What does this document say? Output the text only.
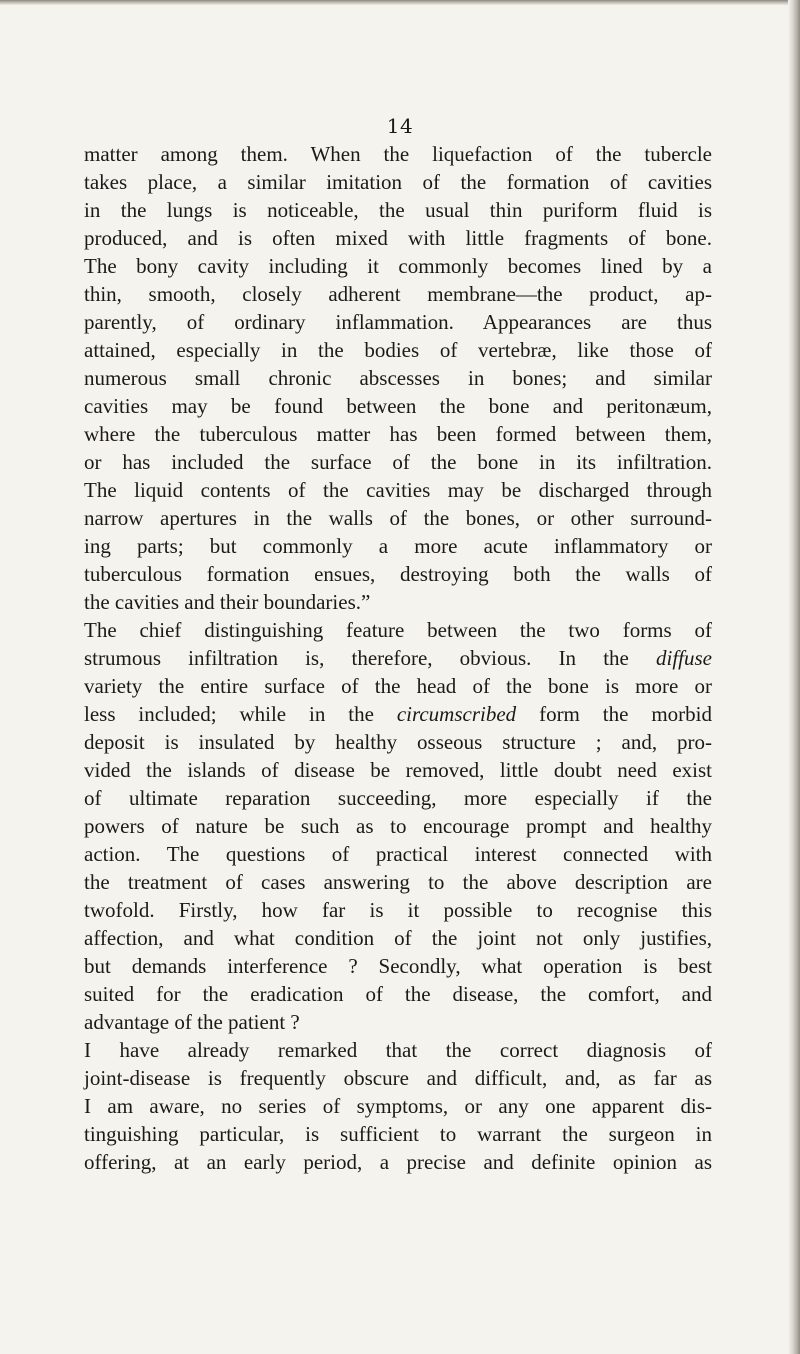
14
matter among them. When the liquefaction of the tubercle
takes place, a similar imitation of the formation of cavities
in the lungs is noticeable, the usual thin puriform fluid is
produced, and is often mixed with little fragments of bone.
The bony cavity including it commonly becomes lined by a
thin, smooth, closely adherent membrane—the product, ap-
parently, of ordinary inflammation. Appearances are thus
attained, especially in the bodies of vertebræ, like those of
numerous small chronic abscesses in bones; and similar
cavities may be found between the bone and peritonæum,
where the tuberculous matter has been formed between them,
or has included the surface of the bone in its infiltration.
The liquid contents of the cavities may be discharged through
narrow apertures in the walls of the bones, or other surround-
ing parts; but commonly a more acute inflammatory or
tuberculous formation ensues, destroying both the walls of
the cavities and their boundaries.”
The chief distinguishing feature between the two forms of
strumous infiltration is, therefore, obvious. In the diffuse
variety the entire surface of the head of the bone is more or
less included; while in the circumscribed form the morbid
deposit is insulated by healthy osseous structure ; and, pro-
vided the islands of disease be removed, little doubt need exist
of ultimate reparation succeeding, more especially if the
powers of nature be such as to encourage prompt and healthy
action. The questions of practical interest connected with
the treatment of cases answering to the above description are
twofold. Firstly, how far is it possible to recognise this
affection, and what condition of the joint not only justifies,
but demands interference ? Secondly, what operation is best
suited for the eradication of the disease, the comfort, and
advantage of the patient ?
I have already remarked that the correct diagnosis of
joint-disease is frequently obscure and difficult, and, as far as
I am aware, no series of symptoms, or any one apparent dis-
tinguishing particular, is sufficient to warrant the surgeon in
offering, at an early period, a precise and definite opinion as
